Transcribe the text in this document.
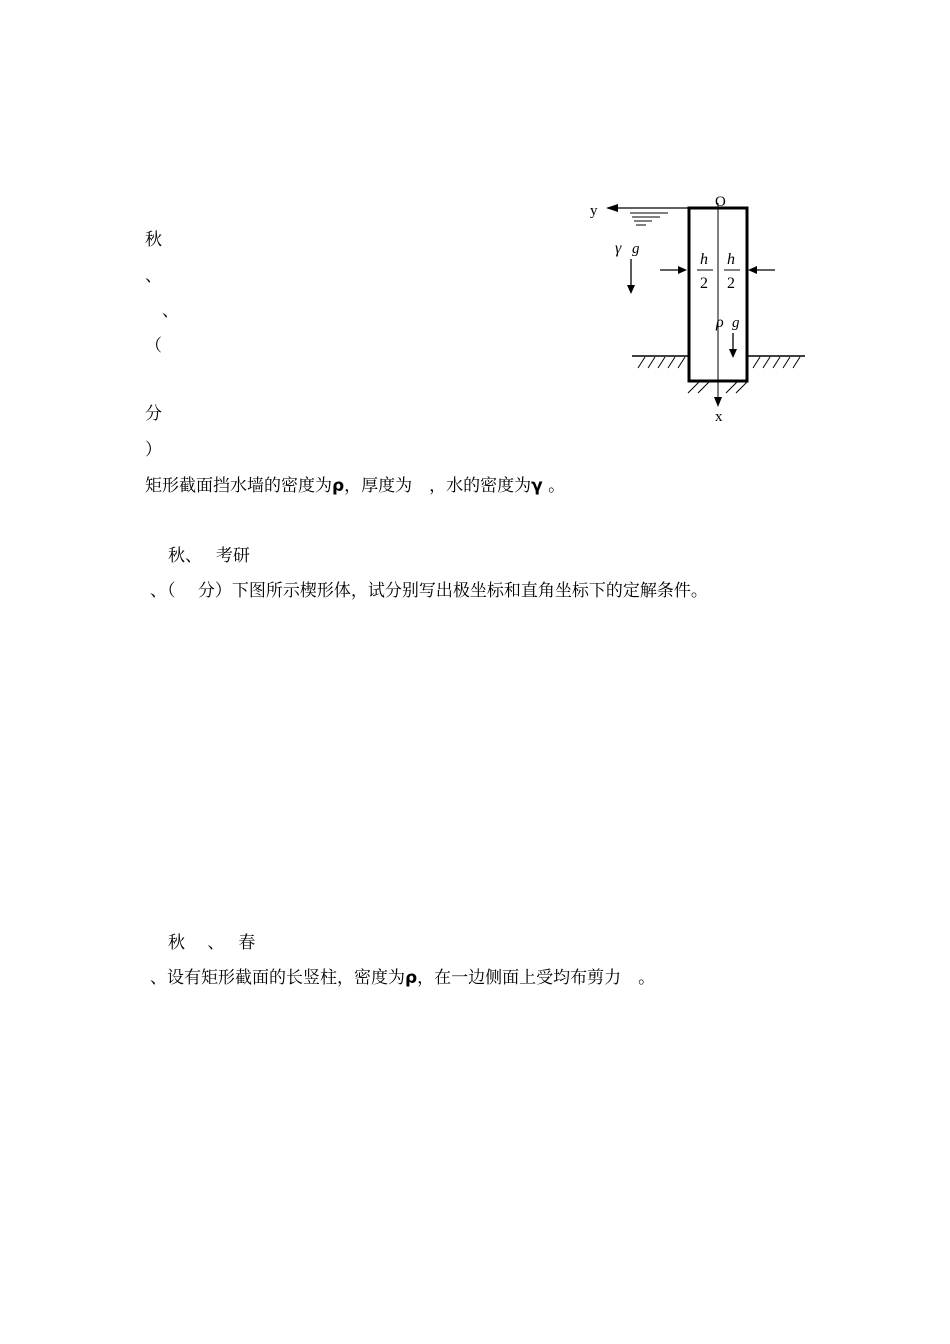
秋
、
、
（
分
）
矩形截面挡水墙的密度为ρ，厚度为　 ，水的密度为γ 。
O
y
x
γ g
h
2
h
2
ρ g
秋、　 考研
、（　 分）下图所示楔形体，试分别写出极坐标和直角坐标下的定解条件。
秋　 、　 春
、设有矩形截面的长竖柱，密度为ρ，在一边侧面上受均布剪力　。
